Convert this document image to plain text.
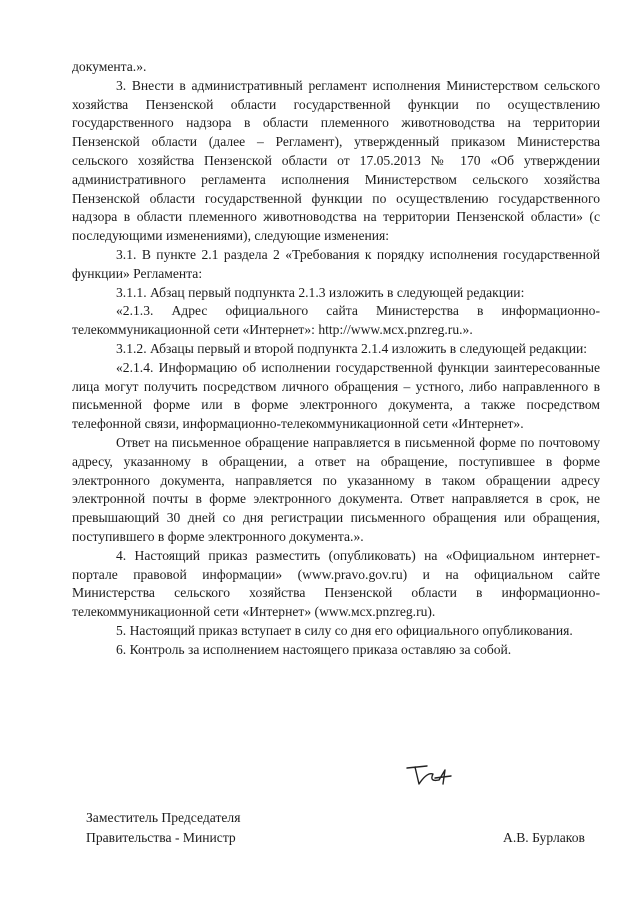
документа.».

3. Внести в административный регламент исполнения Министерством сельского хозяйства Пензенской области государственной функции по осуществлению государственного надзора в области племенного животноводства на территории Пензенской области (далее – Регламент), утвержденный приказом Министерства сельского хозяйства Пензенской области от 17.05.2013 № 170 «Об утверждении административного регламента исполнения Министерством сельского хозяйства Пензенской области государственной функции по осуществлению государственного надзора в области племенного животноводства на территории Пензенской области» (с последующими изменениями), следующие изменения:

3.1. В пункте 2.1 раздела 2 «Требования к порядку исполнения государственной функции» Регламента:

3.1.1. Абзац первый подпункта 2.1.3 изложить в следующей редакции:

«2.1.3. Адрес официального сайта Министерства в информационно-телекоммуникационной сети «Интернет»: http://www.мсх.pnzreg.ru.».

3.1.2. Абзацы первый и второй подпункта 2.1.4 изложить в следующей редакции:

«2.1.4. Информацию об исполнении государственной функции заинтересованные лица могут получить посредством личного обращения – устного, либо направленного в письменной форме или в форме электронного документа, а также посредством телефонной связи, информационно-телекоммуникационной сети «Интернет».

Ответ на письменное обращение направляется в письменной форме по почтовому адресу, указанному в обращении, а ответ на обращение, поступившее в форме электронного документа, направляется по указанному в таком обращении адресу электронной почты в форме электронного документа. Ответ направляется в срок, не превышающий 30 дней со дня регистрации письменного обращения или обращения, поступившего в форме электронного документа.».

4. Настоящий приказ разместить (опубликовать) на «Официальном интернет-портале правовой информации» (www.pravo.gov.ru) и на официальном сайте Министерства сельского хозяйства Пензенской области в информационно-телекоммуникационной сети «Интернет» (www.мсх.pnzreg.ru).

5. Настоящий приказ вступает в силу со дня его официального опубликования.

6. Контроль за исполнением настоящего приказа оставляю за собой.

Заместитель Председателя
Правительства - Министр	А.В. Бурлаков
